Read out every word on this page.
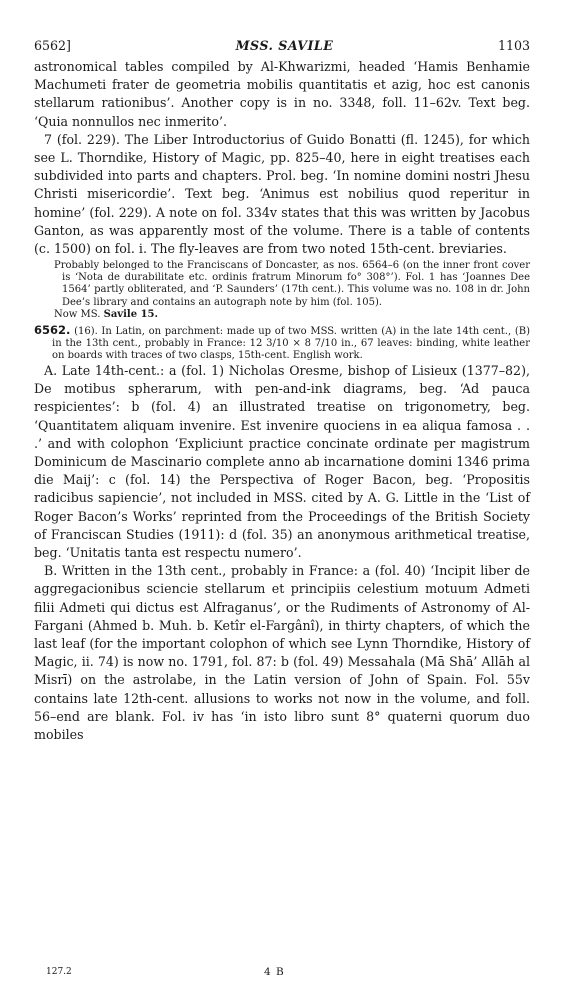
6562]	MSS. SAVILE	1103

astronomical tables compiled by Al-Khwarizmi, headed ‘Hamis Benhamie Machumeti frater de geometria mobilis quantitatis et azig, hoc est canonis stellarum rationibus’. Another copy is in no. 3348, foll. 11–62v. Text beg. ‘Quia nonnullos nec inmerito’.

7 (fol. 229). The Liber Introductorius of Guido Bonatti (fl. 1245), for which see L. Thorndike, History of Magic, pp. 825–40, here in eight treatises each subdivided into parts and chapters. Prol. beg. ‘In nomine domini nostri Jhesu Christi misericordie’. Text beg. ‘Animus est nobilius quod reperitur in homine’ (fol. 229). A note on fol. 334v states that this was written by Jacobus Ganton, as was apparently most of the volume. There is a table of contents (c. 1500) on fol. i. The fly-leaves are from two noted 15th-cent. breviaries.

Probably belonged to the Franciscans of Doncaster, as nos. 6564–6 (on the inner front cover is ‘Nota de durabilitate etc. ordinis fratrum Minorum fo° 308°’). Fol. 1 has ‘Joannes Dee 1564’ partly obliterated, and ‘P. Saunders’ (17th cent.). This volume was no. 108 in dr. John Dee’s library and contains an autograph note by him (fol. 105).

Now MS. Savile 15.

6562. (16). In Latin, on parchment: made up of two MSS. written (A) in the late 14th cent., (B) in the 13th cent., probably in France: 12 3/10 × 8 7/10 in., 67 leaves: binding, white leather on boards with traces of two clasps, 15th-cent. English work.

A. Late 14th-cent.: a (fol. 1) Nicholas Oresme, bishop of Lisieux (1377–82), De motibus spherarum, with pen-and-ink diagrams, beg. ‘Ad pauca respicientes’: b (fol. 4) an illustrated treatise on trigonometry, beg. ‘Quantitatem aliquam invenire. Est invenire quociens in ea aliqua famosa . . .’ and with colophon ‘Expliciunt practice concinate ordinate per magistrum Dominicum de Mascinario complete anno ab incarnatione domini 1346 prima die Maij’: c (fol. 14) the Perspectiva of Roger Bacon, beg. ‘Propositis radicibus sapiencie’, not included in MSS. cited by A. G. Little in the ‘List of Roger Bacon’s Works’ reprinted from the Proceedings of the British Society of Franciscan Studies (1911): d (fol. 35) an anonymous arithmetical treatise, beg. ‘Unitatis tanta est respectu numero’.

B. Written in the 13th cent., probably in France: a (fol. 40) ‘Incipit liber de aggregacionibus sciencie stellarum et principiis celestium motuum Admeti filii Admeti qui dictus est Alfraganus’, or the Rudiments of Astronomy of Al-Fargani (Ahmed b. Muh. b. Ketîr el-Fargânî), in thirty chapters, of which the last leaf (for the important colophon of which see Lynn Thorndike, History of Magic, ii. 74) is now no. 1791, fol. 87: b (fol. 49) Messahala (Mā Shā’ Allāh al Misrī) on the astrolabe, in the Latin version of John of Spain. Fol. 55v contains late 12th-cent. allusions to works not now in the volume, and foll. 56–end are blank. Fol. iv has ‘in isto libro sunt 8° quaterni quorum duo mobiles

127.2	4 B
